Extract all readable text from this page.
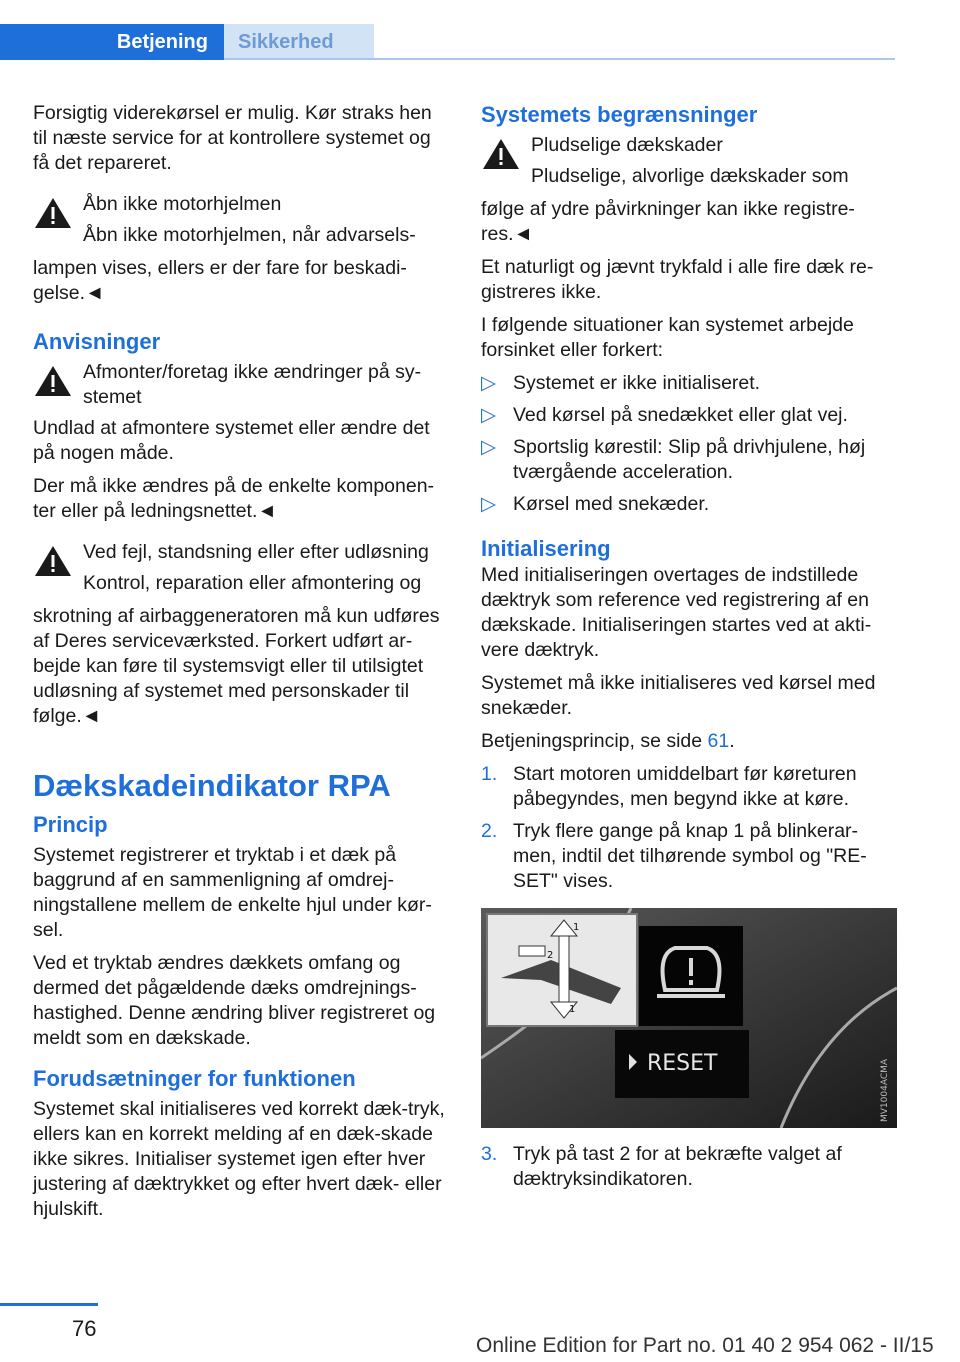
Betjening	Sikkerhed

Forsigtig viderekørsel er mulig. Kør straks hen til næste service for at kontrollere systemet og få det repareret.

Åbn ikke motorhjelmen
Åbn ikke motorhjelmen, når advarsels-
lampen vises, ellers er der fare for beskadi-gelse.◄
Anvisninger
Afmonter/foretag ikke ændringer på sy-stemet

Undlad at afmontere systemet eller ændre det på nogen måde.

Der må ikke ændres på de enkelte komponen-ter eller på ledningsnettet.◄

Ved fejl, standsning eller efter udløsning
Kontrol, reparation eller afmontering og
skrotning af airbaggeneratoren må kun udføres af Deres serviceværksted. Forkert udført ar-bejde kan føre til systemsvigt eller til utilsigtet udløsning af systemet med personskader til følge.◄
Dækskadeindikator RPA
Princip

Systemet registrerer et tryktab i et dæk på baggrund af en sammenligning af omdrej-ningstallene mellem de enkelte hjul under kør-sel.

Ved et tryktab ændres dækkets omfang og dermed det pågældende dæks omdrejnings-hastighed. Denne ændring bliver registreret og meldt som en dækskade.

Forudsætninger for funktionen

Systemet skal initialiseres ved korrekt dæk-tryk, ellers kan en korrekt melding af en dæk-skade ikke sikres. Initialiser systemet igen efter hver justering af dæktrykket og efter hvert dæk- eller hjulskift.

Systemets begrænsninger
Pludselige dækskader
Pludselige, alvorlige dækskader som
følge af ydre påvirkninger kan ikke registre-res.◄

Et naturligt og jævnt trykfald i alle fire dæk re-gistreres ikke.

I følgende situationer kan systemet arbejde forsinket eller forkert:

▷ Systemet er ikke initialiseret.
▷ Ved kørsel på snedækket eller glat vej.
▷ Sportslig kørestil: Slip på drivhjulene, høj tværgående acceleration.
▷ Kørsel med snekæder.
Initialisering

Med initialiseringen overtages de indstillede dæktryk som reference ved registrering af en dækskade. Initialiseringen startes ved at akti-vere dæktryk.

Systemet må ikke initialiseres ved kørsel med snekæder.

Betjeningsprincip, se side 61.

1. Start motoren umiddelbart før køreturen påbegyndes, men begynd ikke at køre.
2. Tryk flere gange på knap 1 på blinkerar-men, indtil det tilhørende symbol og "RE-SET" vises.
1
2
1
RESET	MV1004ACMA
3. Tryk på tast 2 for at bekræfte valget af dæktryksindikatoren.
76
Online Edition for Part no. 01 40 2 954 062 - II/15
